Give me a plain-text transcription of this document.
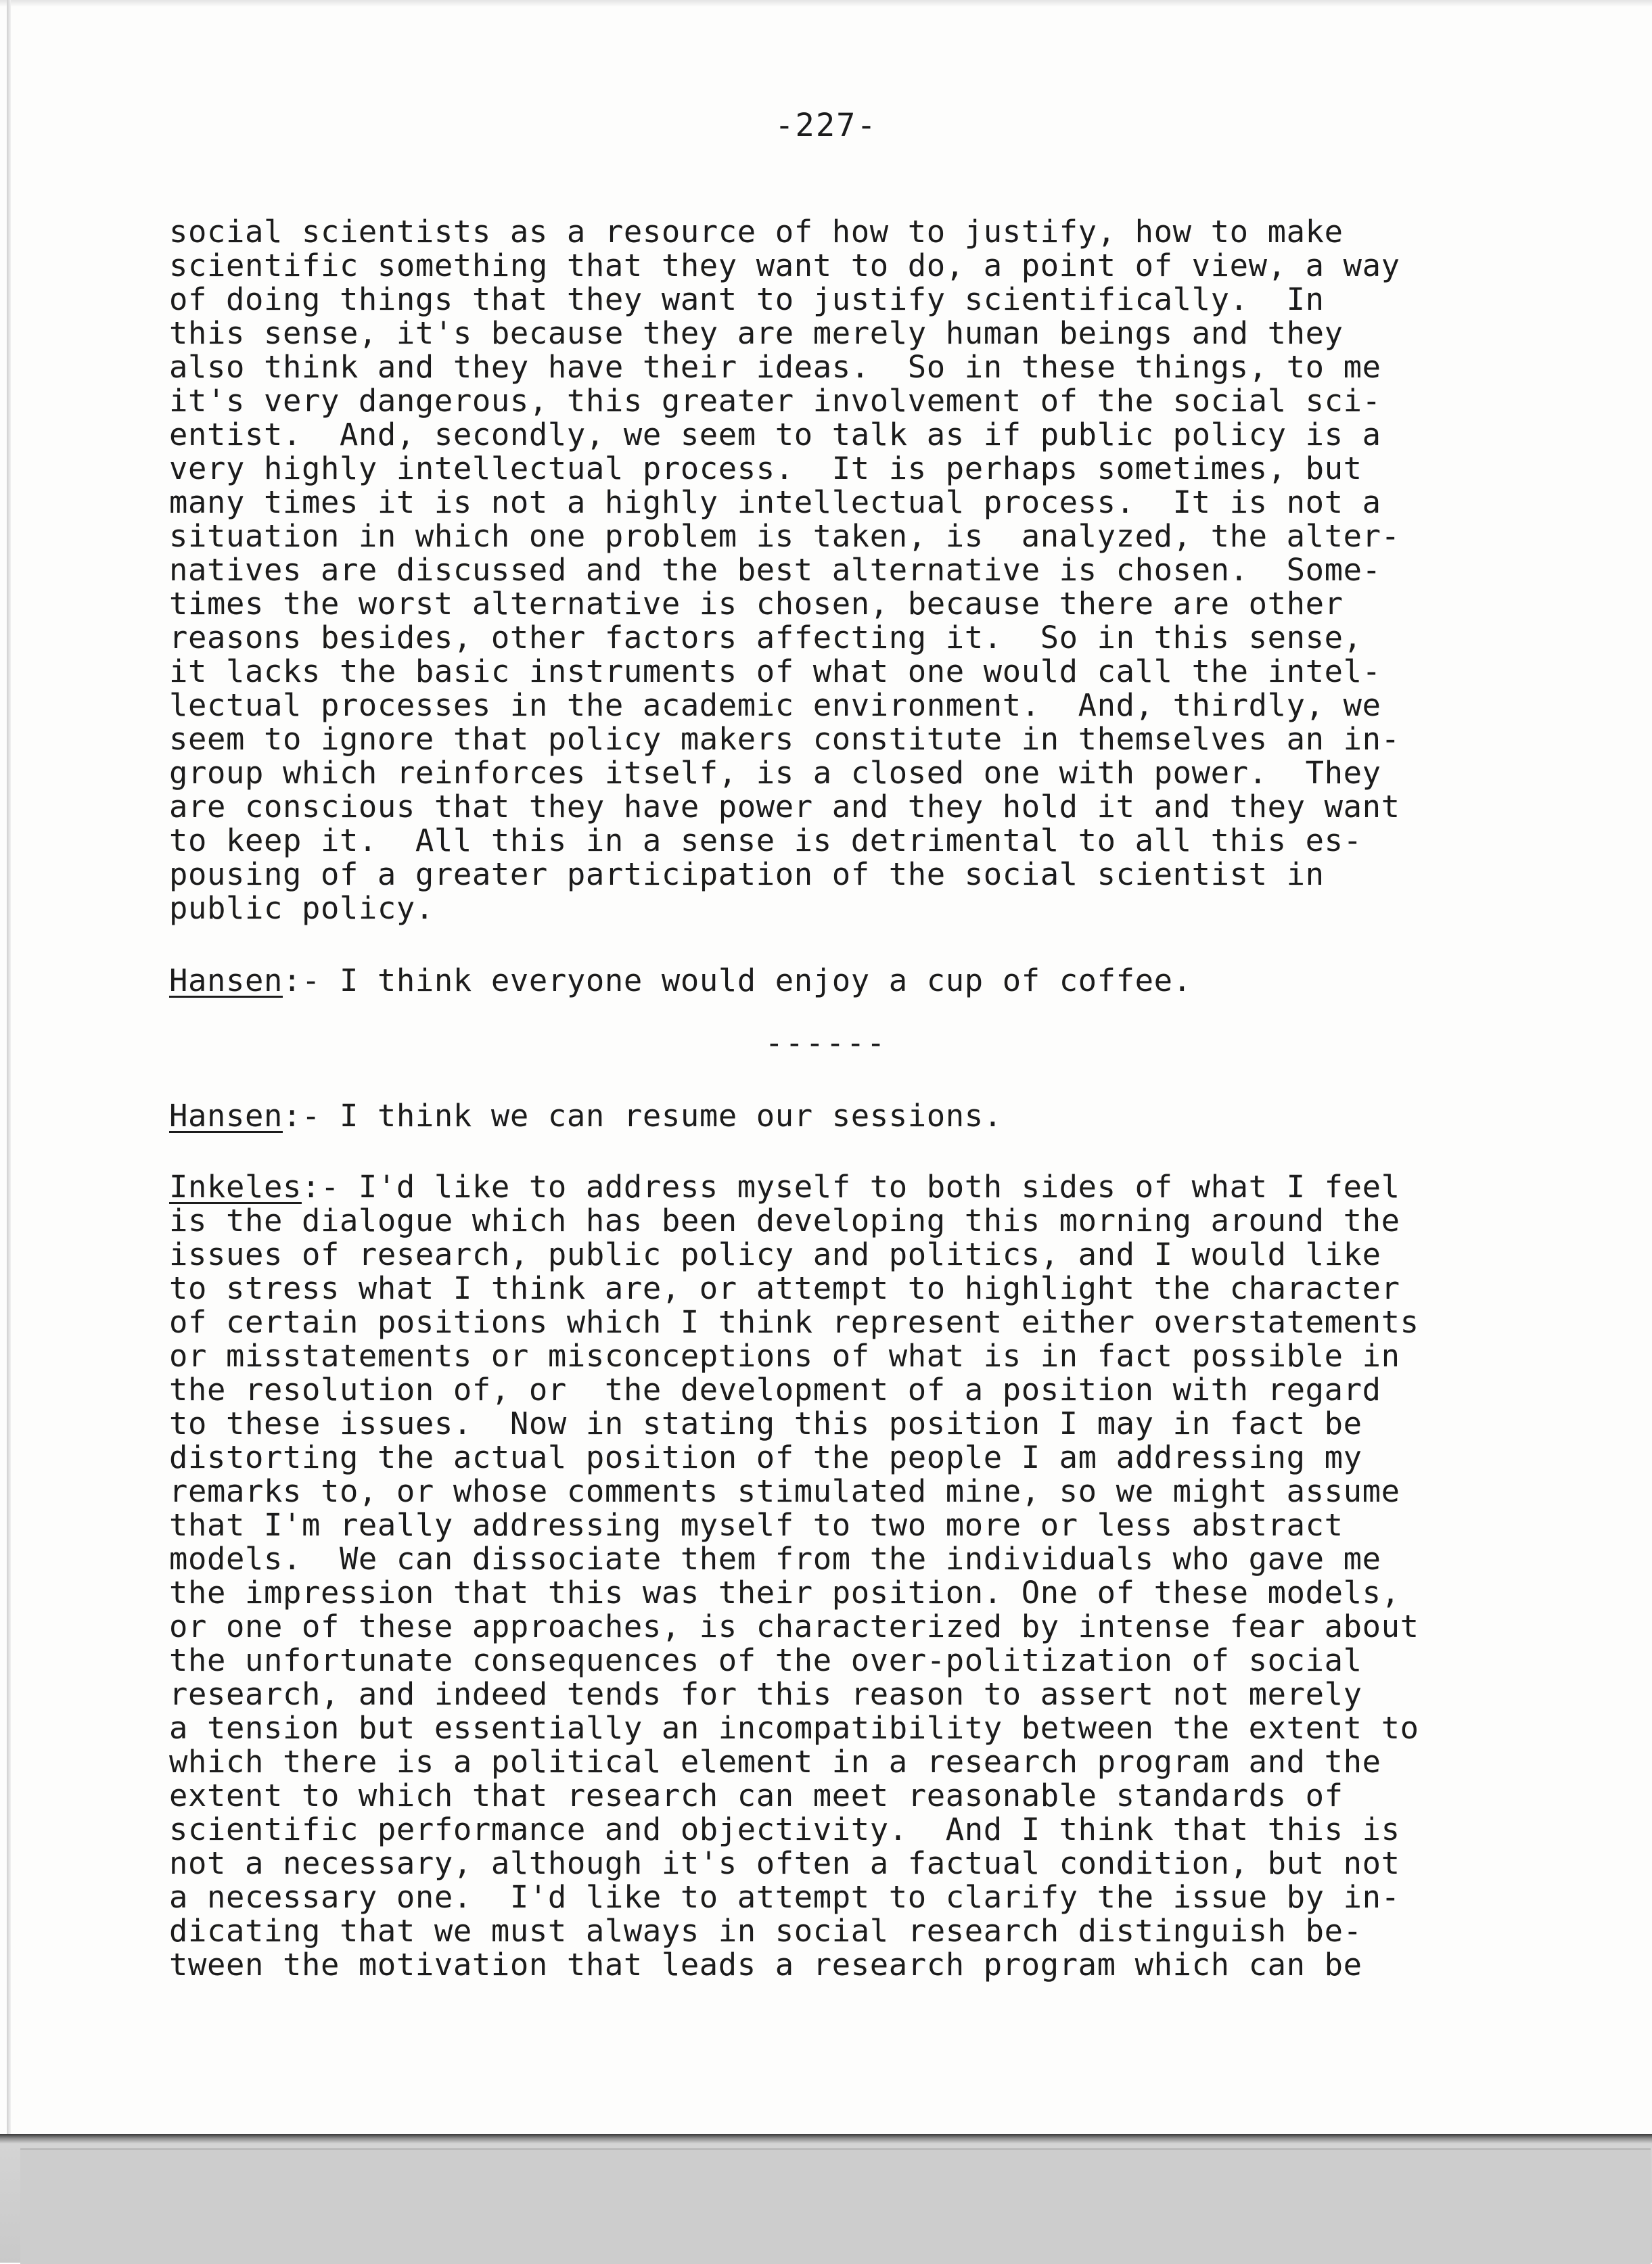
-227-
social scientists as a resource of how to justify, how to make
scientific something that they want to do, a point of view, a way
of doing things that they want to justify scientifically.  In
this sense, it's because they are merely human beings and they
also think and they have their ideas.  So in these things, to me
it's very dangerous, this greater involvement of the social sci-
entist.  And, secondly, we seem to talk as if public policy is a
very highly intellectual process.  It is perhaps sometimes, but
many times it is not a highly intellectual process.  It is not a
situation in which one problem is taken, is  analyzed, the alter-
natives are discussed and the best alternative is chosen.  Some-
times the worst alternative is chosen, because there are other
reasons besides, other factors affecting it.  So in this sense,
it lacks the basic instruments of what one would call the intel-
lectual processes in the academic environment.  And, thirdly, we
seem to ignore that policy makers constitute in themselves an in-
group which reinforces itself, is a closed one with power.  They
are conscious that they have power and they hold it and they want
to keep it.  All this in a sense is detrimental to all this es-
pousing of a greater participation of the social scientist in
public policy.
Hansen:- I think everyone would enjoy a cup of coffee.
Hansen:- I think we can resume our sessions.
Inkeles:- I'd like to address myself to both sides of what I feel
is the dialogue which has been developing this morning around the
issues of research, public policy and politics, and I would like
to stress what I think are, or attempt to highlight the character
of certain positions which I think represent either overstatements
or misstatements or misconceptions of what is in fact possible in
the resolution of, or  the development of a position with regard
to these issues.  Now in stating this position I may in fact be
distorting the actual position of the people I am addressing my
remarks to, or whose comments stimulated mine, so we might assume
that I'm really addressing myself to two more or less abstract
models.  We can dissociate them from the individuals who gave me
the impression that this was their position. One of these models,
or one of these approaches, is characterized by intense fear about
the unfortunate consequences of the over-politization of social
research, and indeed tends for this reason to assert not merely
a tension but essentially an incompatibility between the extent to
which there is a political element in a research program and the
extent to which that research can meet reasonable standards of
scientific performance and objectivity.  And I think that this is
not a necessary, although it's often a factual condition, but not
a necessary one.  I'd like to attempt to clarify the issue by in-
dicating that we must always in social research distinguish be-
tween the motivation that leads a research program which can be
------
